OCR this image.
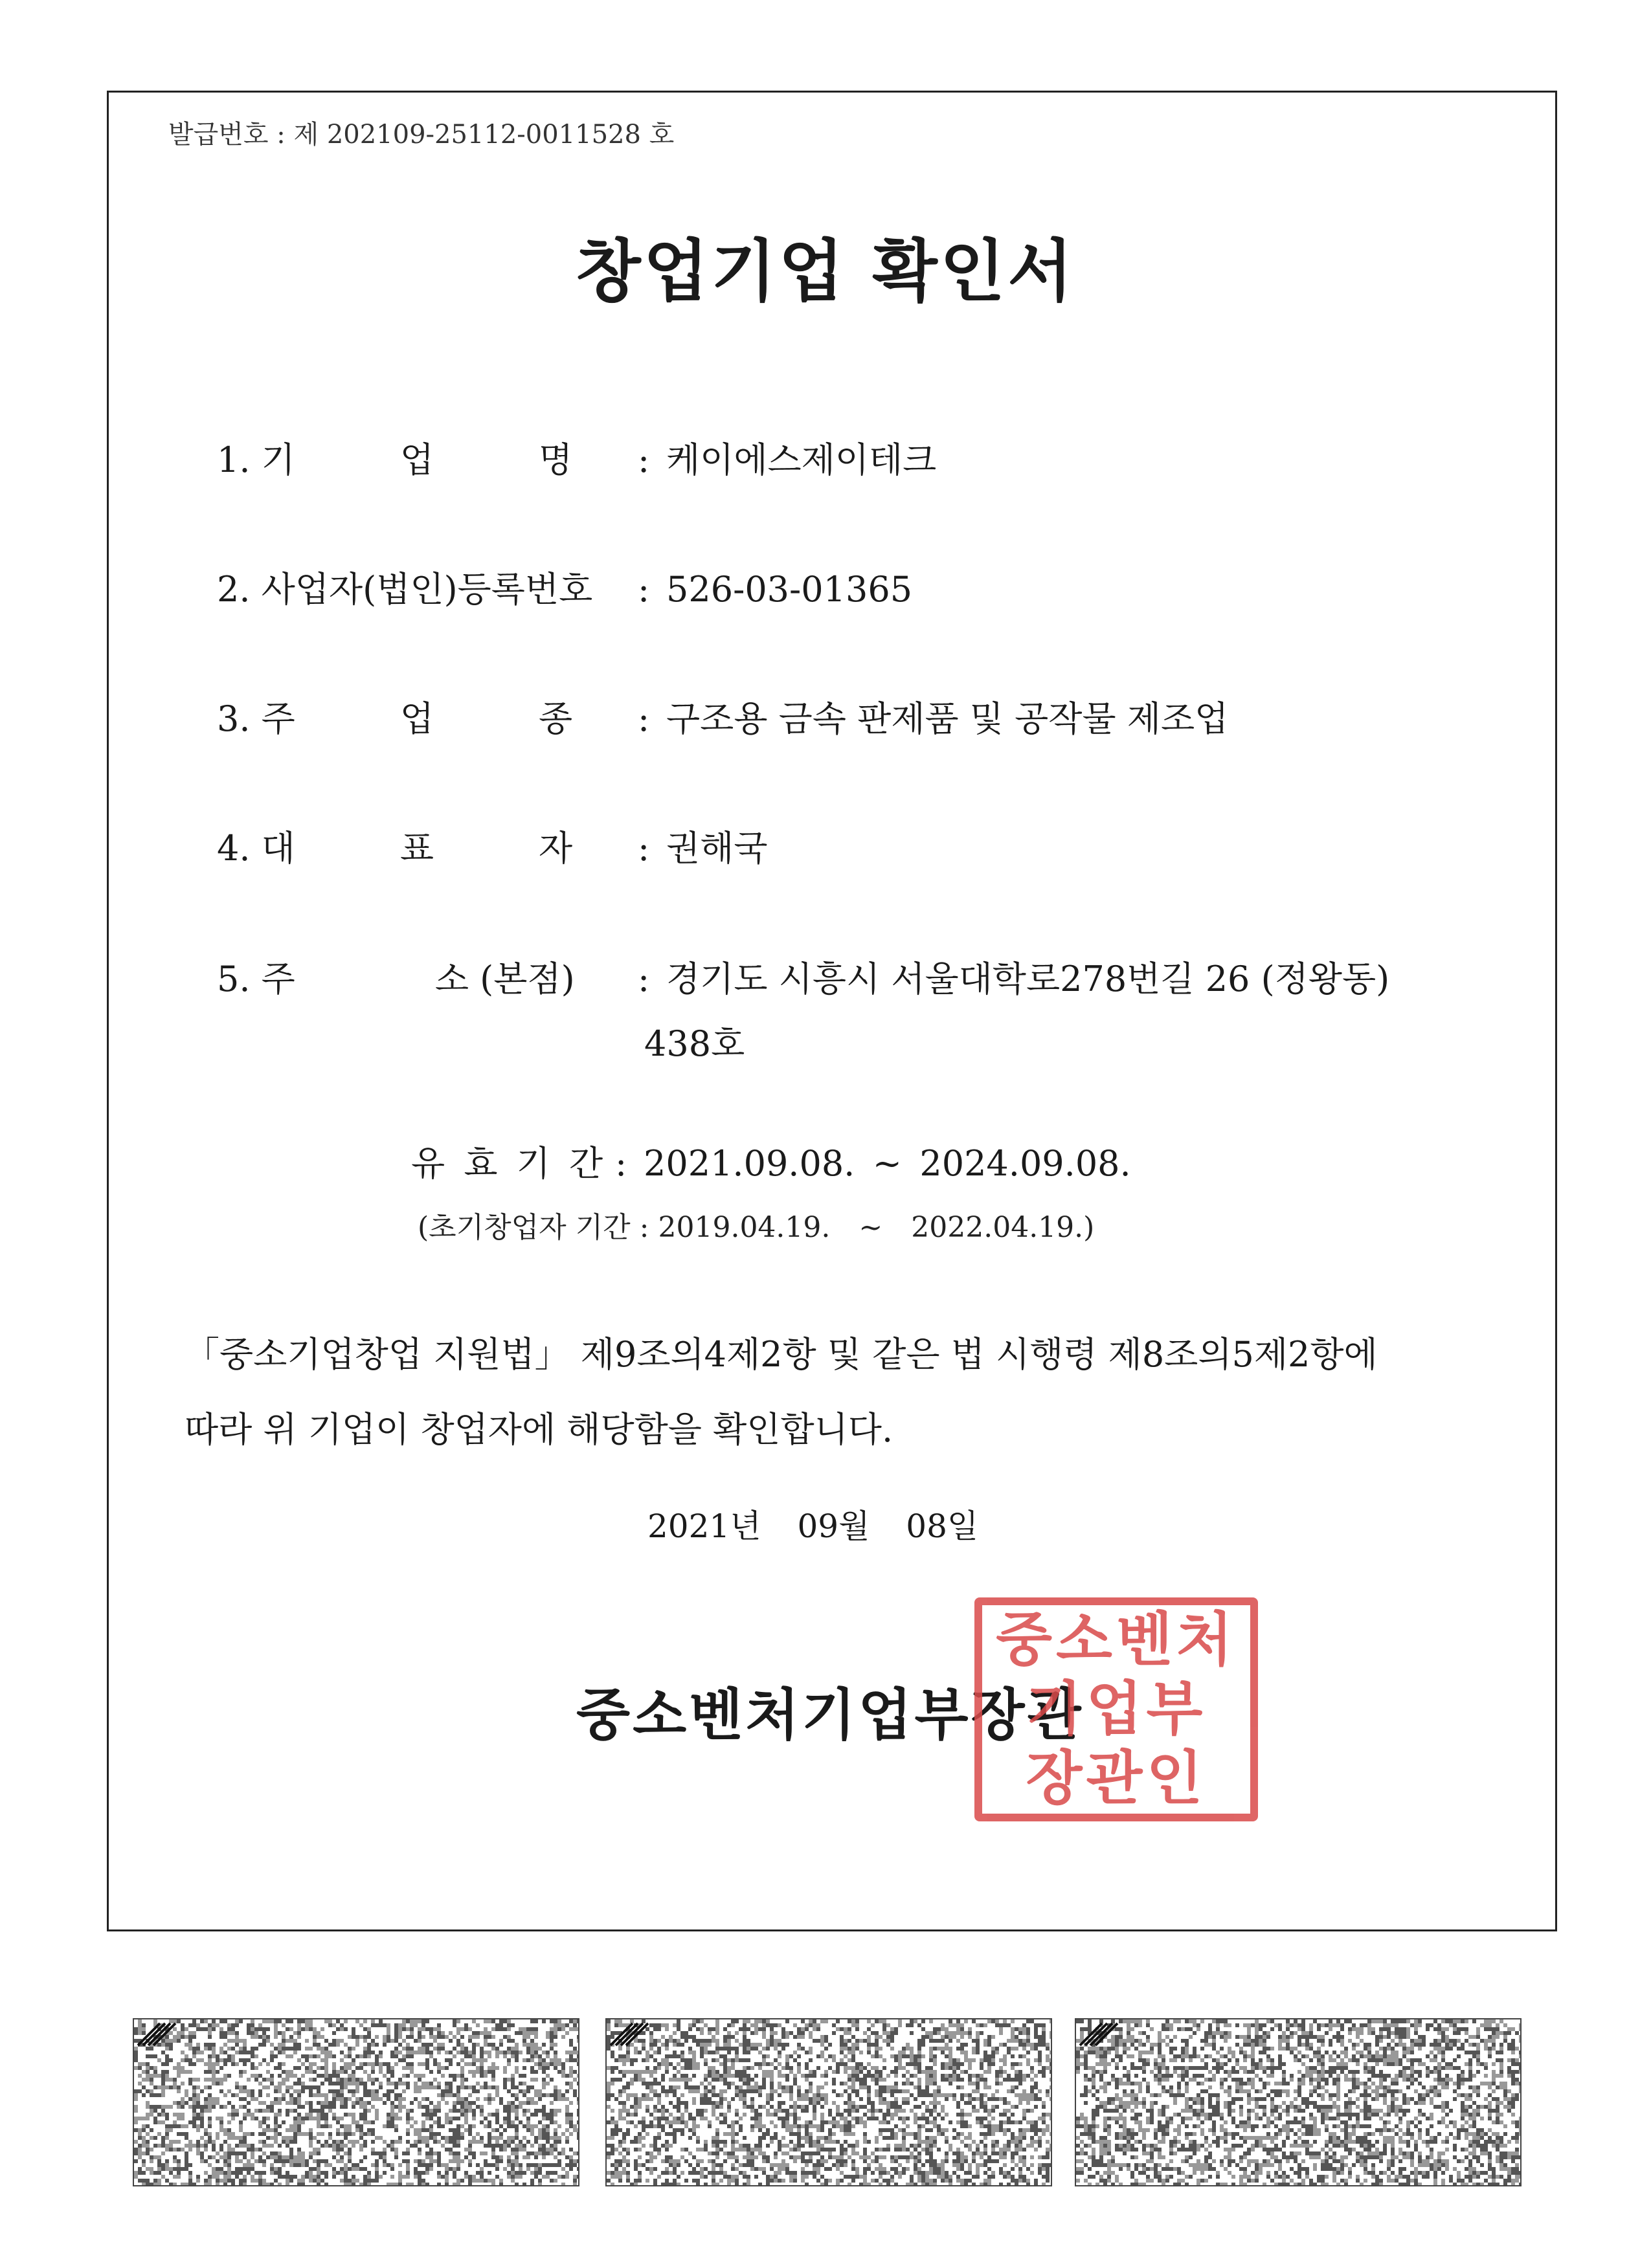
발급번호 : 제 202109-25112-0011528 호
창업기업 확인서
1. 기　　　업　　　명 : 케이에스제이테크
2. 사업자(법인)등록번호 : 526-03-01365
3. 주　　　업　　　종 : 구조용 금속 판제품 및 공작물 제조업
4. 대　　　표　　　자 : 권해국
5. 주　　　　소 (본점) : 경기도 시흥시 서울대학로278번길 26 (정왕동)
438호
유 효 기 간 : 2021.09.08. ~ 2024.09.08.
(초기창업자 기간 : 2019.04.19.　~　2022.04.19.)
「중소기업창업 지원법」 제9조의4제2항 및 같은 법 시행령 제8조의5제2항에
따라 위 기업이 창업자에 해당함을 확인합니다.
2021년 09월 08일
중소벤처기업부장관
중소벤처
기업부
장관인
